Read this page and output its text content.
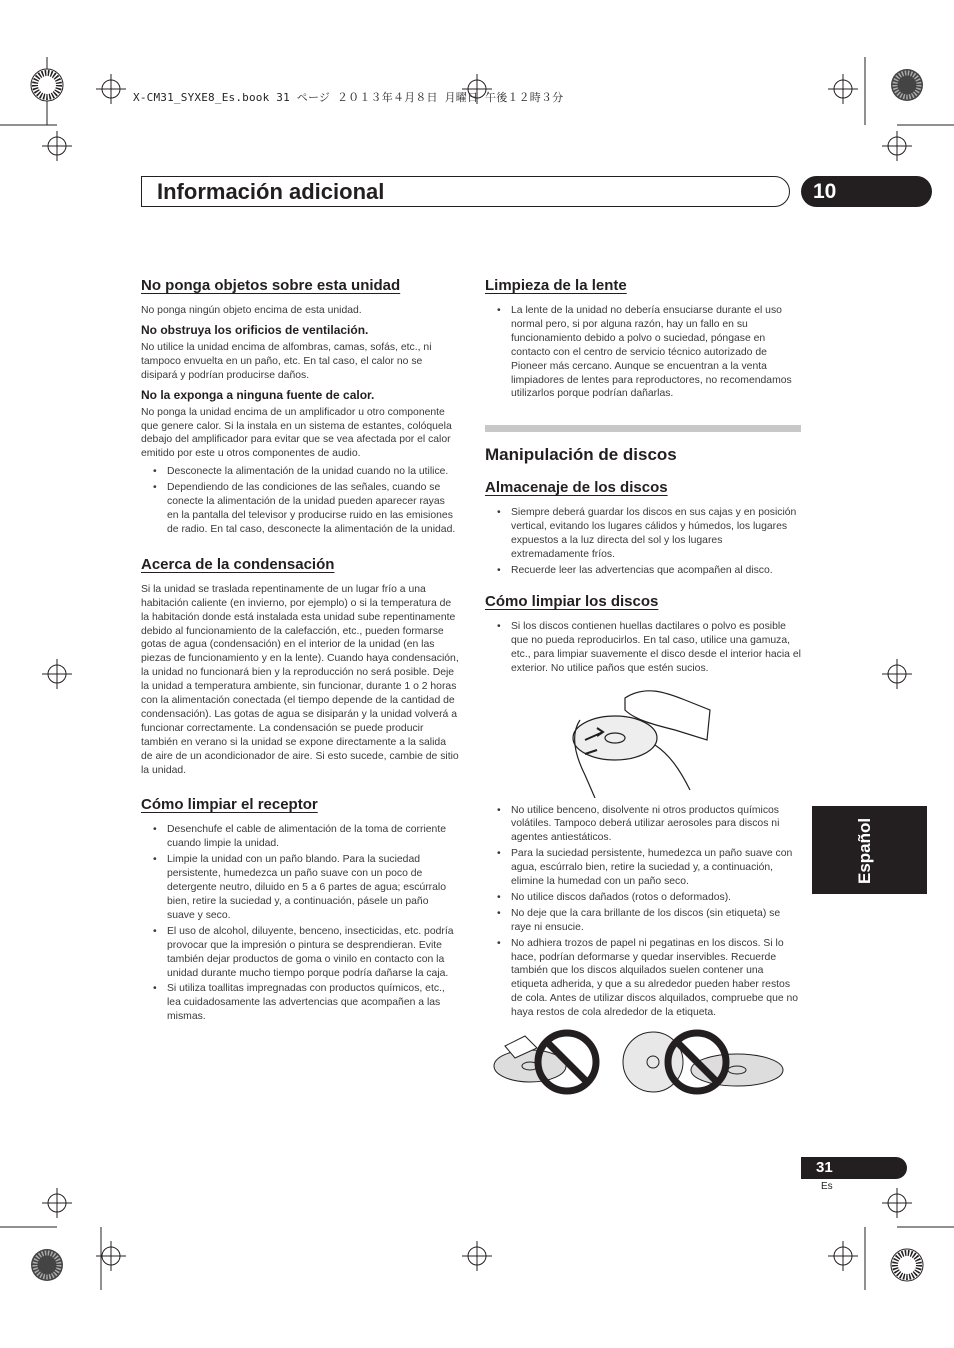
X-CM31_SYXE8_Es.book 31 ページ ２０１３年４月８日 月曜日 午後１２時３分
Información adicional	10
No ponga objetos sobre esta unidad

No ponga ningún objeto encima de esta unidad.

No obstruya los orificios de ventilación.

No utilice la unidad encima de alfombras, camas, sofás, etc., ni tampoco envuelta en un paño, etc. En tal caso, el calor no se disipará y podrían producirse daños.

No la exponga a ninguna fuente de calor.

No ponga la unidad encima de un amplificador u otro componente que genere calor. Si la instala en un sistema de estantes, colóquela debajo del amplificador para evitar que se vea afectada por el calor emitido por este u otros componentes de audio.

• Desconecte la alimentación de la unidad cuando no la utilice.
• Dependiendo de las condiciones de las señales, cuando se conecte la alimentación de la unidad pueden aparecer rayas en la pantalla del televisor y producirse ruido en las emisiones de radio. En tal caso, desconecte la alimentación de la unidad.
Acerca de la condensación

Si la unidad se traslada repentinamente de un lugar frío a una habitación caliente (en invierno, por ejemplo) o si la temperatura de la habitación donde está instalada esta unidad sube repentinamente debido al funcionamiento de la calefacción, etc., pueden formarse gotas de agua (condensación) en el interior de la unidad (en las piezas de funcionamiento y en la lente). Cuando haya condensación, la unidad no funcionará bien y la reproducción no será posible. Deje la unidad a temperatura ambiente, sin funcionar, durante 1 o 2 horas con la alimentación conectada (el tiempo depende de la cantidad de condensación). Las gotas de agua se disiparán y la unidad volverá a funcionar correctamente. La condensación se puede producir también en verano si la unidad se expone directamente a la salida de aire de un acondicionador de aire. Si esto sucede, cambie de sitio la unidad.

Cómo limpiar el receptor
• Desenchufe el cable de alimentación de la toma de corriente cuando limpie la unidad.
• Limpie la unidad con un paño blando. Para la suciedad persistente, humedezca un paño suave con un poco de detergente neutro, diluido en 5 a 6 partes de agua; escúrralo bien, retire la suciedad y, a continuación, pásele un paño suave y seco.
• El uso de alcohol, diluyente, benceno, insecticidas, etc. podría provocar que la impresión o pintura se desprendieran. Evite también dejar productos de goma o vinilo en contacto con la unidad durante mucho tiempo porque podría dañarse la caja.
• Si utiliza toallitas impregnadas con productos químicos, etc., lea cuidadosamente las advertencias que acompañen a las mismas.
Limpieza de la lente
• La lente de la unidad no debería ensuciarse durante el uso normal pero, si por alguna razón, hay un fallo en su funcionamiento debido a polvo o suciedad, póngase en contacto con el centro de servicio técnico autorizado de Pioneer más cercano. Aunque se encuentran a la venta limpiadores de lentes para reproductores, no recomendamos utilizarlos porque podrían dañarlas.
Manipulación de discos
Almacenaje de los discos
• Siempre deberá guardar los discos en sus cajas y en posición vertical, evitando los lugares cálidos y húmedos, los lugares expuestos a la luz directa del sol y los lugares extremadamente fríos.
• Recuerde leer las advertencias que acompañen al disco.
Cómo limpiar los discos
• Si los discos contienen huellas dactilares o polvo es posible que no pueda reproducirlos. En tal caso, utilice una gamuza, etc., para limpiar suavemente el disco desde el interior hacia el exterior. No utilice paños que estén sucios.
• No utilice benceno, disolvente ni otros productos químicos volátiles. Tampoco deberá utilizar aerosoles para discos ni agentes antiestáticos.
• Para la suciedad persistente, humedezca un paño suave con agua, escúrralo bien, retire la suciedad y, a continuación, elimine la humedad con un paño seco.
• No utilice discos dañados (rotos o deformados).
• No deje que la cara brillante de los discos (sin etiqueta) se raye ni ensucie.
• No adhiera trozos de papel ni pegatinas en los discos. Si lo hace, podrían deformarse y quedar inservibles. Recuerde también que los discos alquilados suelen contener una etiqueta adherida, y que a su alrededor pueden haber restos de cola. Antes de utilizar discos alquilados, compruebe que no haya restos de cola alrededor de la etiqueta.
Español
31
Es
